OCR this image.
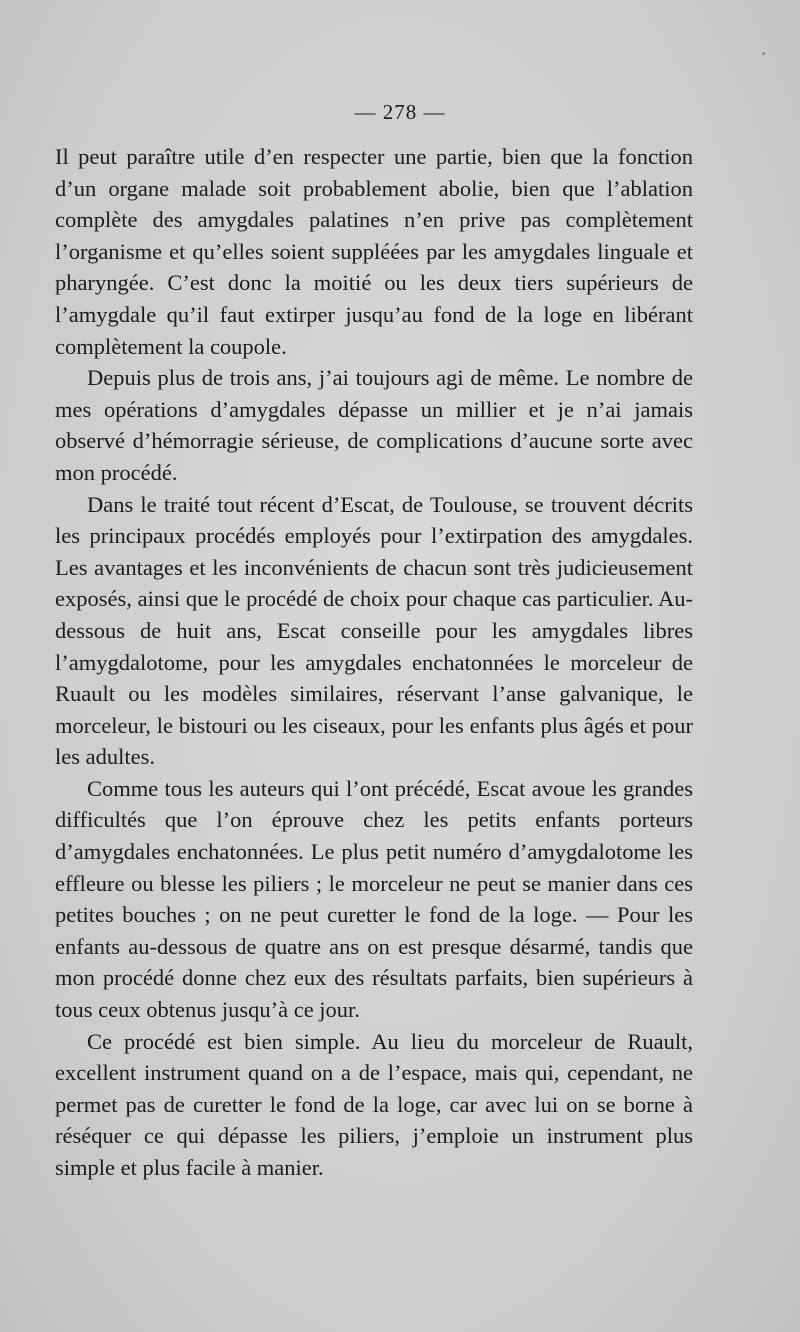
— 278 —

Il peut paraître utile d’en respecter une partie, bien que la fonction d’un organe malade soit probablement abolie, bien que l’ablation complète des amygdales palatines n’en prive pas complètement l’organisme et qu’elles soient suppléées par les amygdales linguale et pharyngée. C’est donc la moitié ou les deux tiers supérieurs de l’amygdale qu’il faut extirper jusqu’au fond de la loge en libérant complètement la coupole.

Depuis plus de trois ans, j’ai toujours agi de même. Le nombre de mes opérations d’amygdales dépasse un millier et je n’ai jamais observé d’hémorragie sérieuse, de complications d’aucune sorte avec mon procédé.

Dans le traité tout récent d’Escat, de Toulouse, se trouvent décrits les principaux procédés employés pour l’extirpation des amygdales. Les avantages et les inconvénients de chacun sont très judicieusement exposés, ainsi que le procédé de choix pour chaque cas particulier. Au-dessous de huit ans, Escat conseille pour les amygdales libres l’amygdalotome, pour les amygdales enchatonnées le morceleur de Ruault ou les modèles similaires, réservant l’anse galvanique, le morceleur, le bistouri ou les ciseaux, pour les enfants plus âgés et pour les adultes.

Comme tous les auteurs qui l’ont précédé, Escat avoue les grandes difficultés que l’on éprouve chez les petits enfants porteurs d’amygdales enchatonnées. Le plus petit numéro d’amygdalotome les effleure ou blesse les piliers ; le morceleur ne peut se manier dans ces petites bouches ; on ne peut curetter le fond de la loge. — Pour les enfants au-dessous de quatre ans on est presque désarmé, tandis que mon procédé donne chez eux des résultats parfaits, bien supérieurs à tous ceux obtenus jusqu’à ce jour.

Ce procédé est bien simple. Au lieu du morceleur de Ruault, excellent instrument quand on a de l’espace, mais qui, cependant, ne permet pas de curetter le fond de la loge, car avec lui on se borne à réséquer ce qui dépasse les piliers, j’emploie un instrument plus simple et plus facile à manier.
